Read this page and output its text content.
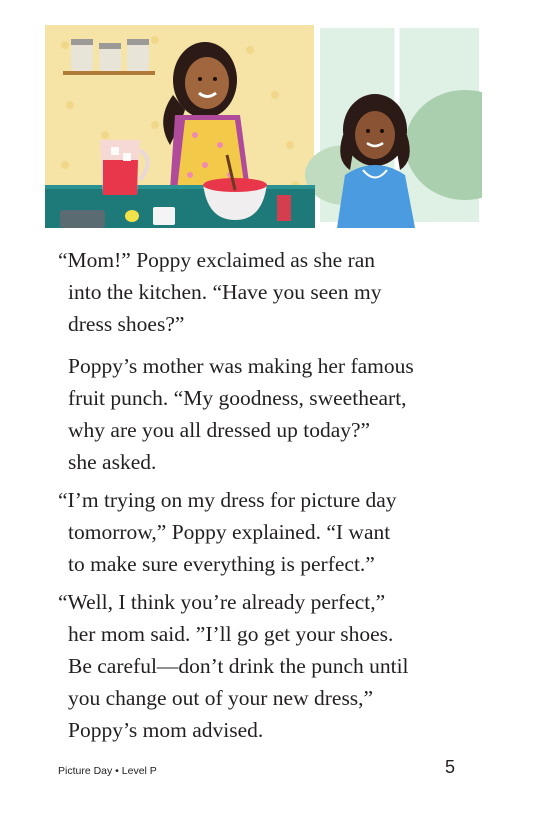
“Mom!” Poppy exclaimed as she ran
into the kitchen. “Have you seen my
dress shoes?”

Poppy’s mother was making her famous
fruit punch. “My goodness, sweetheart,
why are you all dressed up today?”
she asked.

“I’m trying on my dress for picture day
tomorrow,” Poppy explained. “I want
to make sure everything is perfect.”

“Well, I think you’re already perfect,”
her mom said. ”I’ll go get your shoes.
Be careful—don’t drink the punch until
you change out of your new dress,”
Poppy’s mom advised.

Picture Day • Level P	5
